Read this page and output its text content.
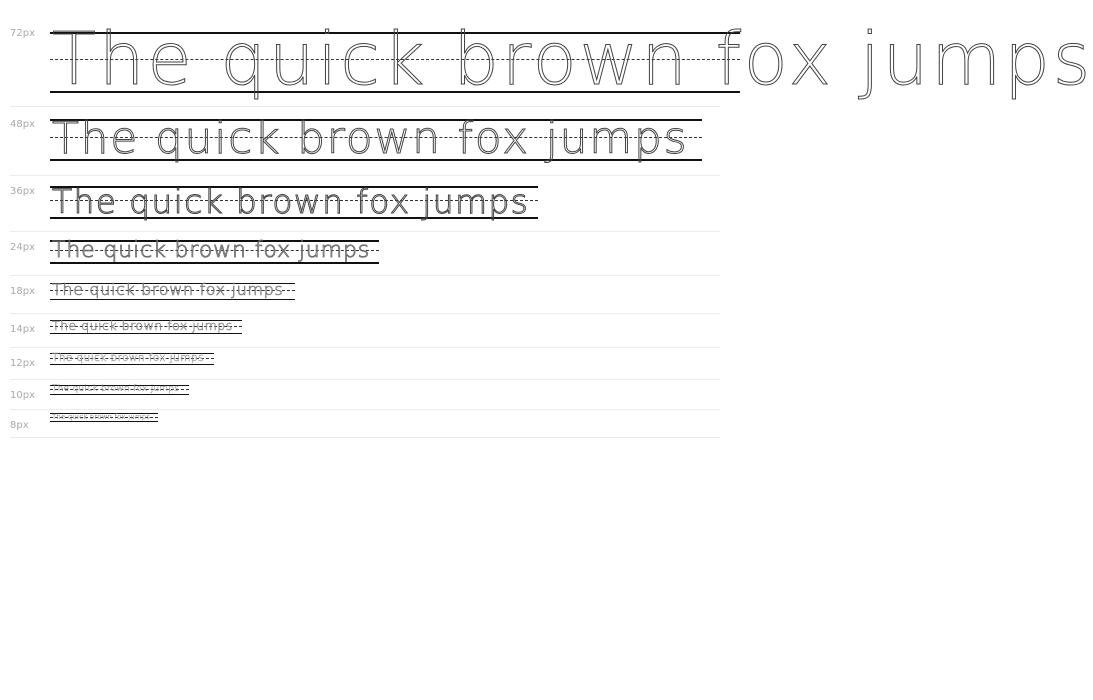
72px The quick brown fox jumps
48px The quick brown fox jumps
36px The quick brown fox jumps
24px The quick brown fox jumps
18px The quick brown fox jumps
14px The quick brown fox jumps
12px The quick brown fox jumps
10px
The quick brown fox jumps
8px
The quick brown fox jumps
